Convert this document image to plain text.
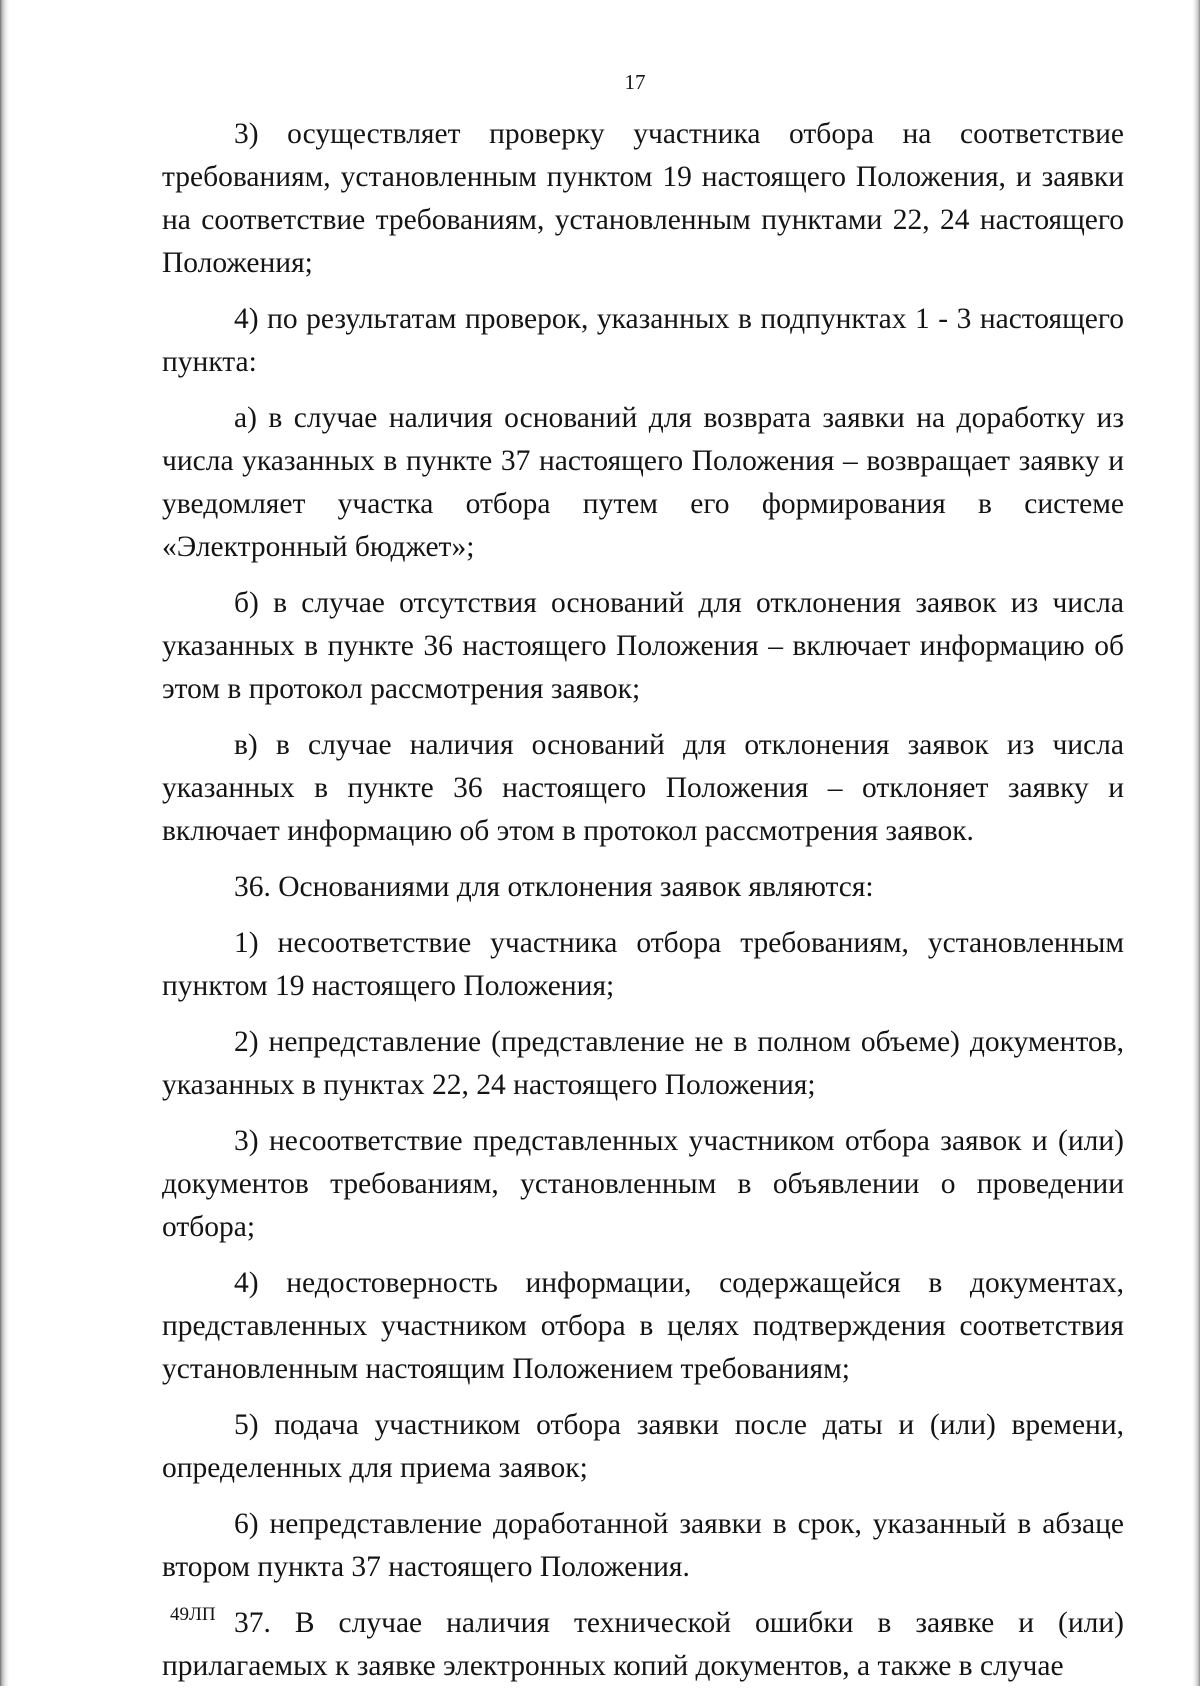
17

3) осуществляет проверку участника отбора на соответствие требованиям, установленным пунктом 19 настоящего Положения, и заявки на соответствие требованиям, установленным пунктами 22, 24 настоящего Положения;

4) по результатам проверок, указанных в подпунктах 1 - 3 настоящего пункта:

а) в случае наличия оснований для возврата заявки на доработку из числа указанных в пункте 37 настоящего Положения – возвращает заявку и уведомляет участка отбора путем его формирования в системе «Электронный бюджет»;

б) в случае отсутствия оснований для отклонения заявок из числа указанных в пункте 36 настоящего Положения – включает информацию об этом в протокол рассмотрения заявок;

в) в случае наличия оснований для отклонения заявок из числа указанных в пункте 36 настоящего Положения – отклоняет заявку и включает информацию об этом в протокол рассмотрения заявок.

36. Основаниями для отклонения заявок являются:

1) несоответствие участника отбора требованиям, установленным пунктом 19 настоящего Положения;

2) непредставление (представление не в полном объеме) документов, указанных в пунктах 22, 24 настоящего Положения;

3) несоответствие представленных участником отбора заявок и (или) документов требованиям, установленным в объявлении о проведении отбора;

4) недостоверность информации, содержащейся в документах, представленных участником отбора в целях подтверждения соответствия установленным настоящим Положением требованиям;

5) подача участником отбора заявки после даты и (или) времени, определенных для приема заявок;

6) непредставление доработанной заявки в срок, указанный в абзаце втором пункта 37 настоящего Положения.

37. В случае наличия технической ошибки в заявке и (или) прилагаемых к заявке электронных копий документов, а также в случае

49ЛП
